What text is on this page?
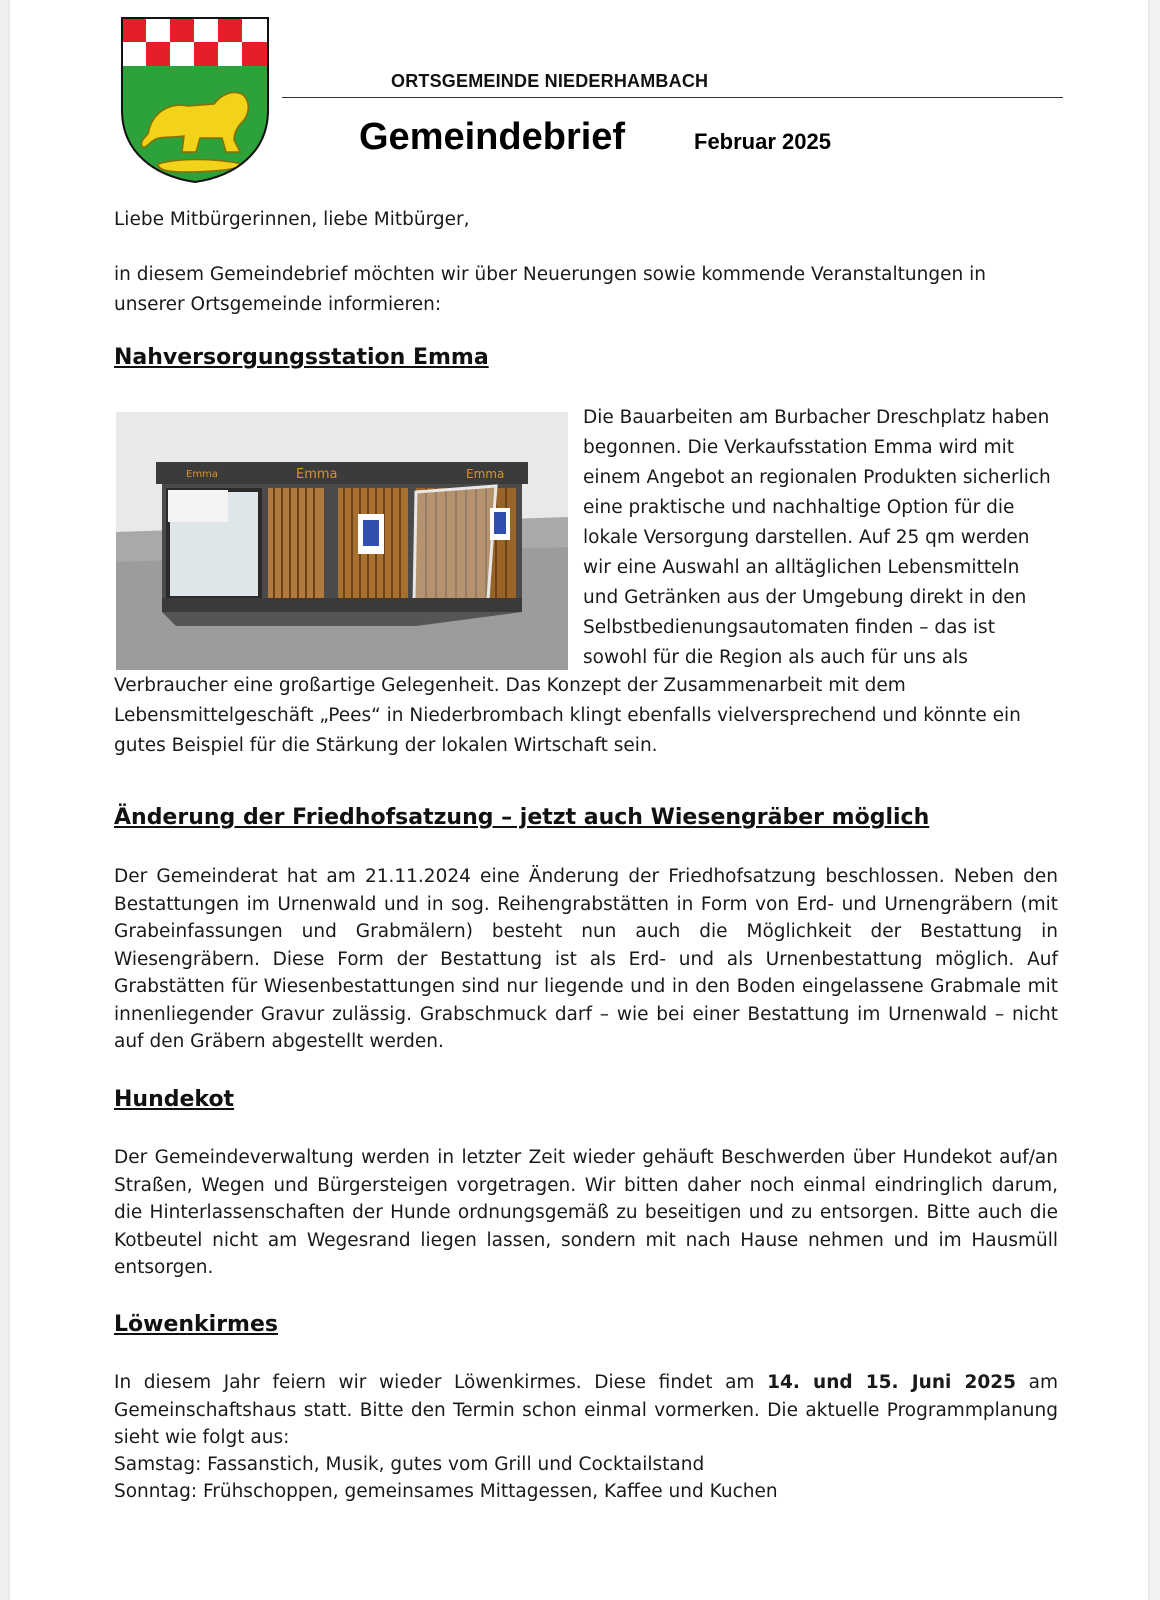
ORTSGEMEINDE NIEDERHAMBACH
Gemeindebrief	Februar 2025

Liebe Mitbürgerinnen, liebe Mitbürger,

in diesem Gemeindebrief möchten wir über Neuerungen sowie kommende Veranstaltungen in unserer Ortsgemeinde informieren:

Nahversorgungsstation Emma
Emma	Emma	Emma

Die Bauarbeiten am Burbacher Dreschplatz haben begonnen. Die Verkaufsstation Emma wird mit einem Angebot an regionalen Produkten sicherlich eine praktische und nachhaltige Option für die lokale Versorgung darstellen. Auf 25 qm werden wir eine Auswahl an alltäglichen Lebensmitteln und Getränken aus der Umgebung direkt in den Selbstbedienungsautomaten finden – das ist sowohl für die Region als auch für uns als

Verbraucher eine großartige Gelegenheit. Das Konzept der Zusammenarbeit mit dem Lebensmittelgeschäft „Pees“ in Niederbrombach klingt ebenfalls vielversprechend und könnte ein gutes Beispiel für die Stärkung der lokalen Wirtschaft sein.

Änderung der Friedhofsatzung – jetzt auch Wiesengräber möglich

Der Gemeinderat hat am 21.11.2024 eine Änderung der Friedhofsatzung beschlossen. Neben den Bestattungen im Urnenwald und in sog. Reihengrabstätten in Form von Erd- und Urnengräbern (mit Grabeinfassungen und Grabmälern) besteht nun auch die Möglichkeit der Bestattung in Wiesengräbern. Diese Form der Bestattung ist als Erd- und als Urnenbestattung möglich. Auf Grabstätten für Wiesenbestattungen sind nur liegende und in den Boden eingelassene Grabmale mit innenliegender Gravur zulässig. Grabschmuck darf – wie bei einer Bestattung im Urnenwald – nicht auf den Gräbern abgestellt werden.

Hundekot

Der Gemeindeverwaltung werden in letzter Zeit wieder gehäuft Beschwerden über Hundekot auf/an Straßen, Wegen und Bürgersteigen vorgetragen. Wir bitten daher noch einmal eindringlich darum, die Hinterlassenschaften der Hunde ordnungsgemäß zu beseitigen und zu entsorgen. Bitte auch die Kotbeutel nicht am Wegesrand liegen lassen, sondern mit nach Hause nehmen und im Hausmüll entsorgen.

Löwenkirmes

In diesem Jahr feiern wir wieder Löwenkirmes. Diese findet am 14. und 15. Juni 2025 am Gemeinschaftshaus statt. Bitte den Termin schon einmal vormerken. Die aktuelle Programmplanung sieht wie folgt aus:

Samstag: Fassanstich, Musik, gutes vom Grill und Cocktailstand

Sonntag: Frühschoppen, gemeinsames Mittagessen, Kaffee und Kuchen
